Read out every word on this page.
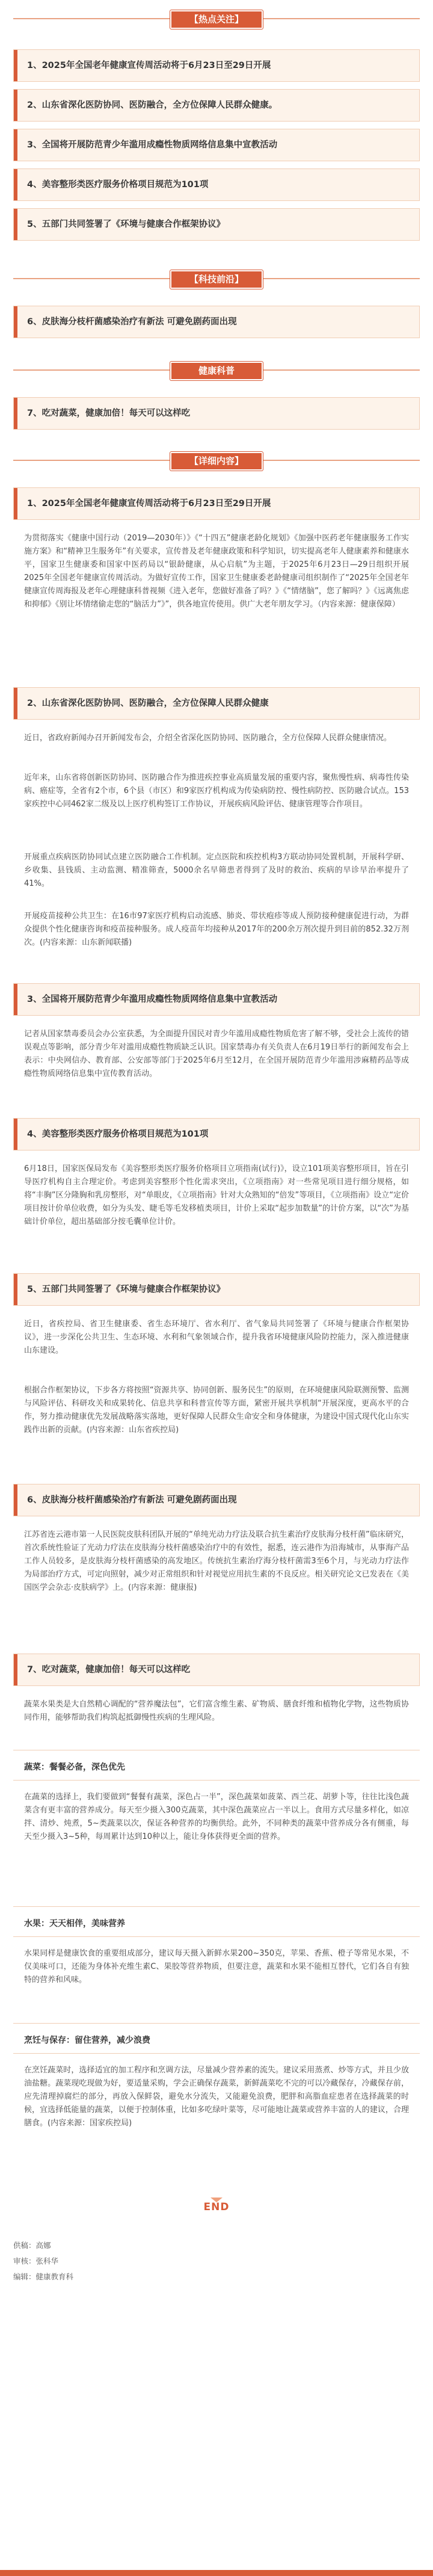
【热点关注】
1、2025年全国老年健康宣传周活动将于6月23日至29日开展
2、山东省深化医防协同、医防融合，全方位保障人民群众健康。
3、全国将开展防范青少年滥用成瘾性物质网络信息集中宣教活动
4、美容整形类医疗服务价格项目规范为101项
5、五部门共同签署了《环境与健康合作框架协议》
【科技前沿】
6、皮肤海分枝杆菌感染治疗有新法 可避免剧药面出现
健康科普
7、吃对蔬菜，健康加倍！每天可以这样吃
【详细内容】
1、2025年全国老年健康宣传周活动将于6月23日至29日开展

为贯彻落实《健康中国行动（2019—2030年）》《“十四五”健康老龄化规划》《加强中医药老年健康服务工作实施方案》和“精神卫生服务年”有关要求，宣传普及老年健康政策和科学知识，切实提高老年人健康素养和健康水平，国家卫生健康委和国家中医药局以“银龄健康，从心启航”为主题，于2025年6月23日—29日组织开展2025年全国老年健康宣传周活动。为做好宣传工作，国家卫生健康委老龄健康司组织制作了“2025年全国老年健康宣传周海报及老年心理健康科普视频《进入老年，您做好准备了吗？》《“情绪脑”，您了解吗？》《远离焦虑和抑郁》《别让坏情绪偷走您的“脑活力”》”，供各地宣传使用。供广大老年朋友学习。（内容来源：健康保障）

2、山东省深化医防协同、医防融合，全方位保障人民群众健康

近日，省政府新闻办召开新闻发布会，介绍全省深化医防协同、医防融合，全方位保障人民群众健康情况。

近年来，山东省将创新医防协同、医防融合作为推进疾控事业高质量发展的重要内容，聚焦慢性病、病毒性传染病、癌症等，全省有2个市，6个县（市区）和9家医疗机构成为传染病防控、慢性病防控、医防融合试点。153家疾控中心同462家二级及以上医疗机构签订工作协议，开展疾病风险评估、健康管理等合作项目。

开展重点疾病医防协同试点建立医防融合工作机制。定点医院和疾控机构3方联动协同处置机制，开展科学研、乡收集、县钱质、主动监测、精准筛查，5000余名早筛患者得到了及时的救治、疾病的早诊早治率提升了41%。

开展疫苗接种公共卫生：在16市97家医疗机构启动流感、肺炎、带状疱疹等成人预防接种健康促进行动，为群众提供个性化健康咨询和疫苗接种服务。成人疫苗年均接种从2017年的200余万剂次提升到目前的852.32万剂次。(内容来源：山东新闻联播)

3、全国将开展防范青少年滥用成瘾性物质网络信息集中宣教活动

记者从国家禁毒委员会办公室获悉，为全面提升国民对青少年滥用成瘾性物质危害了解不够，受社会上流传的错误观点等影响，部分青少年对滥用成瘾性物质缺乏认识。国家禁毒办有关负责人在6月19日举行的新闻发布会上表示：中央网信办、教育部、公安部等部门于2025年6月至12月，在全国开展防范青少年滥用涉麻精药品等成瘾性物质网络信息集中宣传教育活动。

4、美容整形类医疗服务价格项目规范为101项

6月18日，国家医保局发布《美容整形类医疗服务价格项目立项指南(试行)》，设立101项美容整形项目，旨在引导医疗机构自主合理定价。考虑到美容整形个性化需求突出，《立项指南》对一些常见项目进行细分规格，如将“丰胸”区分隆胸和乳房整形，对“单眼皮，《立项指南》针对大众熟知的“倍发”等项目，《立项指南》设立“定价项目按计价单位收费，如分为头发、睫毛等毛发移植类项目，计价上采取“起步加数量”的计价方案，以“次”为基础计价单位，超出基础部分按毛囊单位计价。

5、五部门共同签署了《环境与健康合作框架协议》

近日，省疾控局、省卫生健康委、省生态环境厅、省水利厅、省气象局共同签署了《环境与健康合作框架协议》，进一步深化公共卫生、生态环境、水利和气象领域合作，提升我省环境健康风险防控能力，深入推进健康山东建设。

根据合作框架协议，下步各方将按照“资源共享、协同创新、服务民生”的原则，在环境健康风险联测预警、监测与风险评估、科研攻关和成果转化、信息共享和科普宣传等方面，紧密开展共享机制“开展深度，更高水平的合作，努力推动健康优先发展战略落实落地，更好保障人民群众生命安全和身体健康，为建设中国式现代化山东实践作出新的贡献。(内容来源：山东省疾控局)

6、皮肤海分枝杆菌感染治疗有新法 可避免剧药面出现

江苏省连云港市第一人民医院皮肤科团队开展的“单纯光动力疗法及联合抗生素治疗皮肤海分枝杆菌”临床研究，首次系统性验证了光动力疗法在皮肤海分枝杆菌感染治疗中的有效性，据悉，连云港作为沿海城市，从事海产品工作人员较多，是皮肤海分枝杆菌感染的高发地区。传统抗生素治疗海分枝杆菌需3至6个月，与光动力疗法作为局部治疗方式，可定向照射，减少对正常组织和针对视觉应用抗生素的不良反应。相关研究论文已发表在《美国医学会杂志·皮肤病学》上。(内容来源：健康报)

7、吃对蔬菜，健康加倍！每天可以这样吃

蔬菜水果类是大自然精心调配的“营养魔法包”，它们富含维生素、矿物质、膳食纤维和植物化学物，这些物质协同作用，能够帮助我们构筑起抵御慢性疾病的生理风险。

蔬菜：餐餐必备，深色优先

在蔬菜的选择上，我们要做到“餐餐有蔬菜，深色占一半”，深色蔬菜如菠菜、西兰花、胡萝卜等，往往比浅色蔬菜含有更丰富的营养成分。每天至少摄入300克蔬菜，其中深色蔬菜应占一半以上。食用方式尽量多样化，如凉拌、清炒、炖煮，5~类蔬菜以次，保证各种营养的均衡供给。此外，不同种类的蔬菜中营养成分各有侧重，每天至少摄入3~5种，每周累计达到10种以上，能让身体获得更全面的营养。

水果：天天相伴，美味营养

水果同样是健康饮食的重要组成部分，建议每天摄入新鲜水果200~350克，苹果、香蕉、橙子等常见水果，不仅美味可口，还能为身体补充维生素C、果胶等营养物质，但要注意，蔬菜和水果不能相互替代，它们各自有独特的营养和风味。

烹饪与保存：留住营养，减少浪费

在烹饪蔬菜时，选择适宜的加工程序和烹调方法，尽量减少营养素的流失。建议采用蒸煮、炒等方式，并且少放油盐糖。蔬菜现吃现做为好，要适量采购，学会正确保存蔬菜，新鲜蔬菜吃不完的可以冷藏保存，冷藏保存前，应先清理掉腐烂的部分，再放入保鲜袋，避免水分流失，又能避免浪费，肥胖和高脂血症患者在选择蔬菜的时候，宜选择低能量的蔬菜，以便于控制体重，比如多吃绿叶菜等，尽可能地让蔬菜或营养丰富的人的建议，合理膳食。(内容来源：国家疾控局)

END
供稿：高娜
审核：张科华
编辑：健康教育科
